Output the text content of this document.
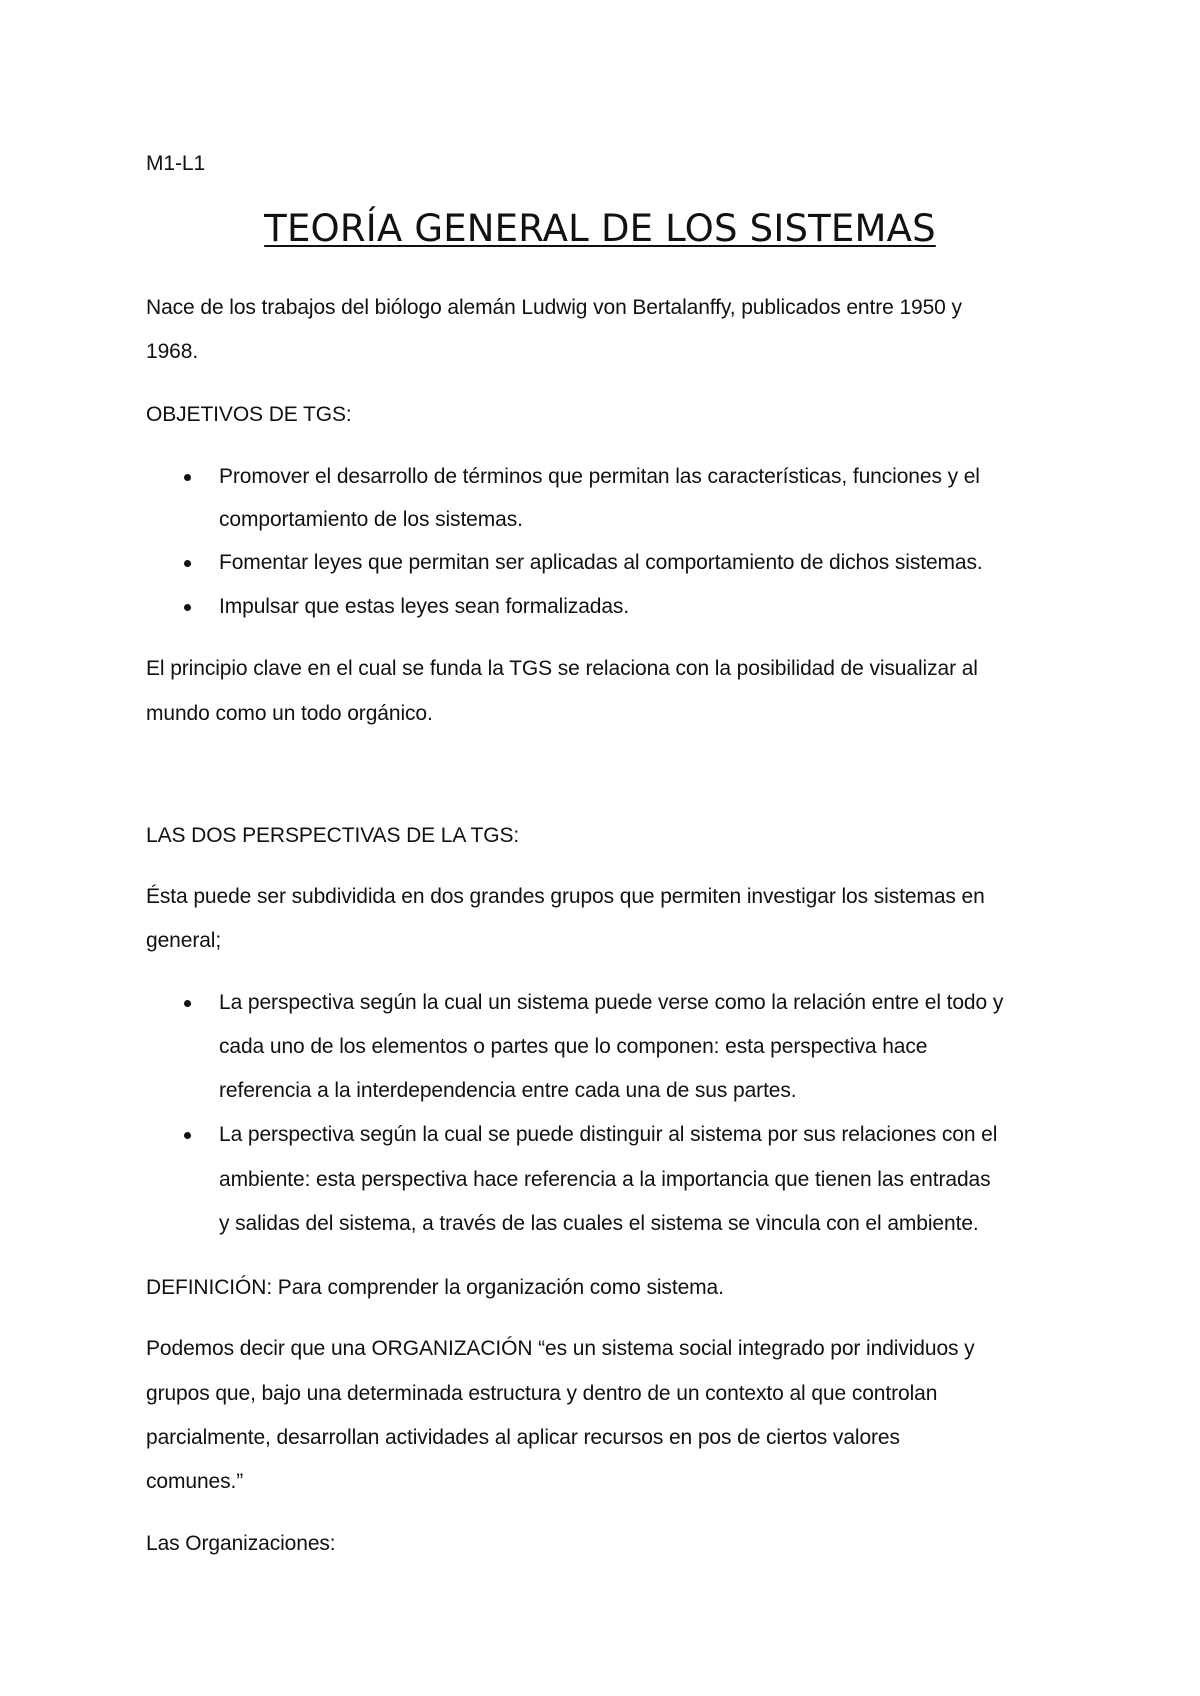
M1-L1
TEORÍA GENERAL DE LOS SISTEMAS
Nace de los trabajos del biólogo alemán Ludwig von Bertalanffy, publicados entre 1950 y
1968.
OBJETIVOS DE TGS:
Promover el desarrollo de términos que permitan las características, funciones y el
comportamiento de los sistemas.
Fomentar leyes que permitan ser aplicadas al comportamiento de dichos sistemas.
Impulsar que estas leyes sean formalizadas.
El principio clave en el cual se funda la TGS se relaciona con la posibilidad de visualizar al
mundo como un todo orgánico.
LAS DOS PERSPECTIVAS DE LA TGS:
Ésta puede ser subdividida en dos grandes grupos que permiten investigar los sistemas en
general;
La perspectiva según la cual un sistema puede verse como la relación entre el todo y
cada uno de los elementos o partes que lo componen: esta perspectiva hace
referencia a la interdependencia entre cada una de sus partes.
La perspectiva según la cual se puede distinguir al sistema por sus relaciones con el
ambiente: esta perspectiva hace referencia a la importancia que tienen las entradas
y salidas del sistema, a través de las cuales el sistema se vincula con el ambiente.
DEFINICIÓN: Para comprender la organización como sistema.
Podemos decir que una ORGANIZACIÓN “es un sistema social integrado por individuos y
grupos que, bajo una determinada estructura y dentro de un contexto al que controlan
parcialmente, desarrollan actividades al aplicar recursos en pos de ciertos valores
comunes.”
Las Organizaciones:
